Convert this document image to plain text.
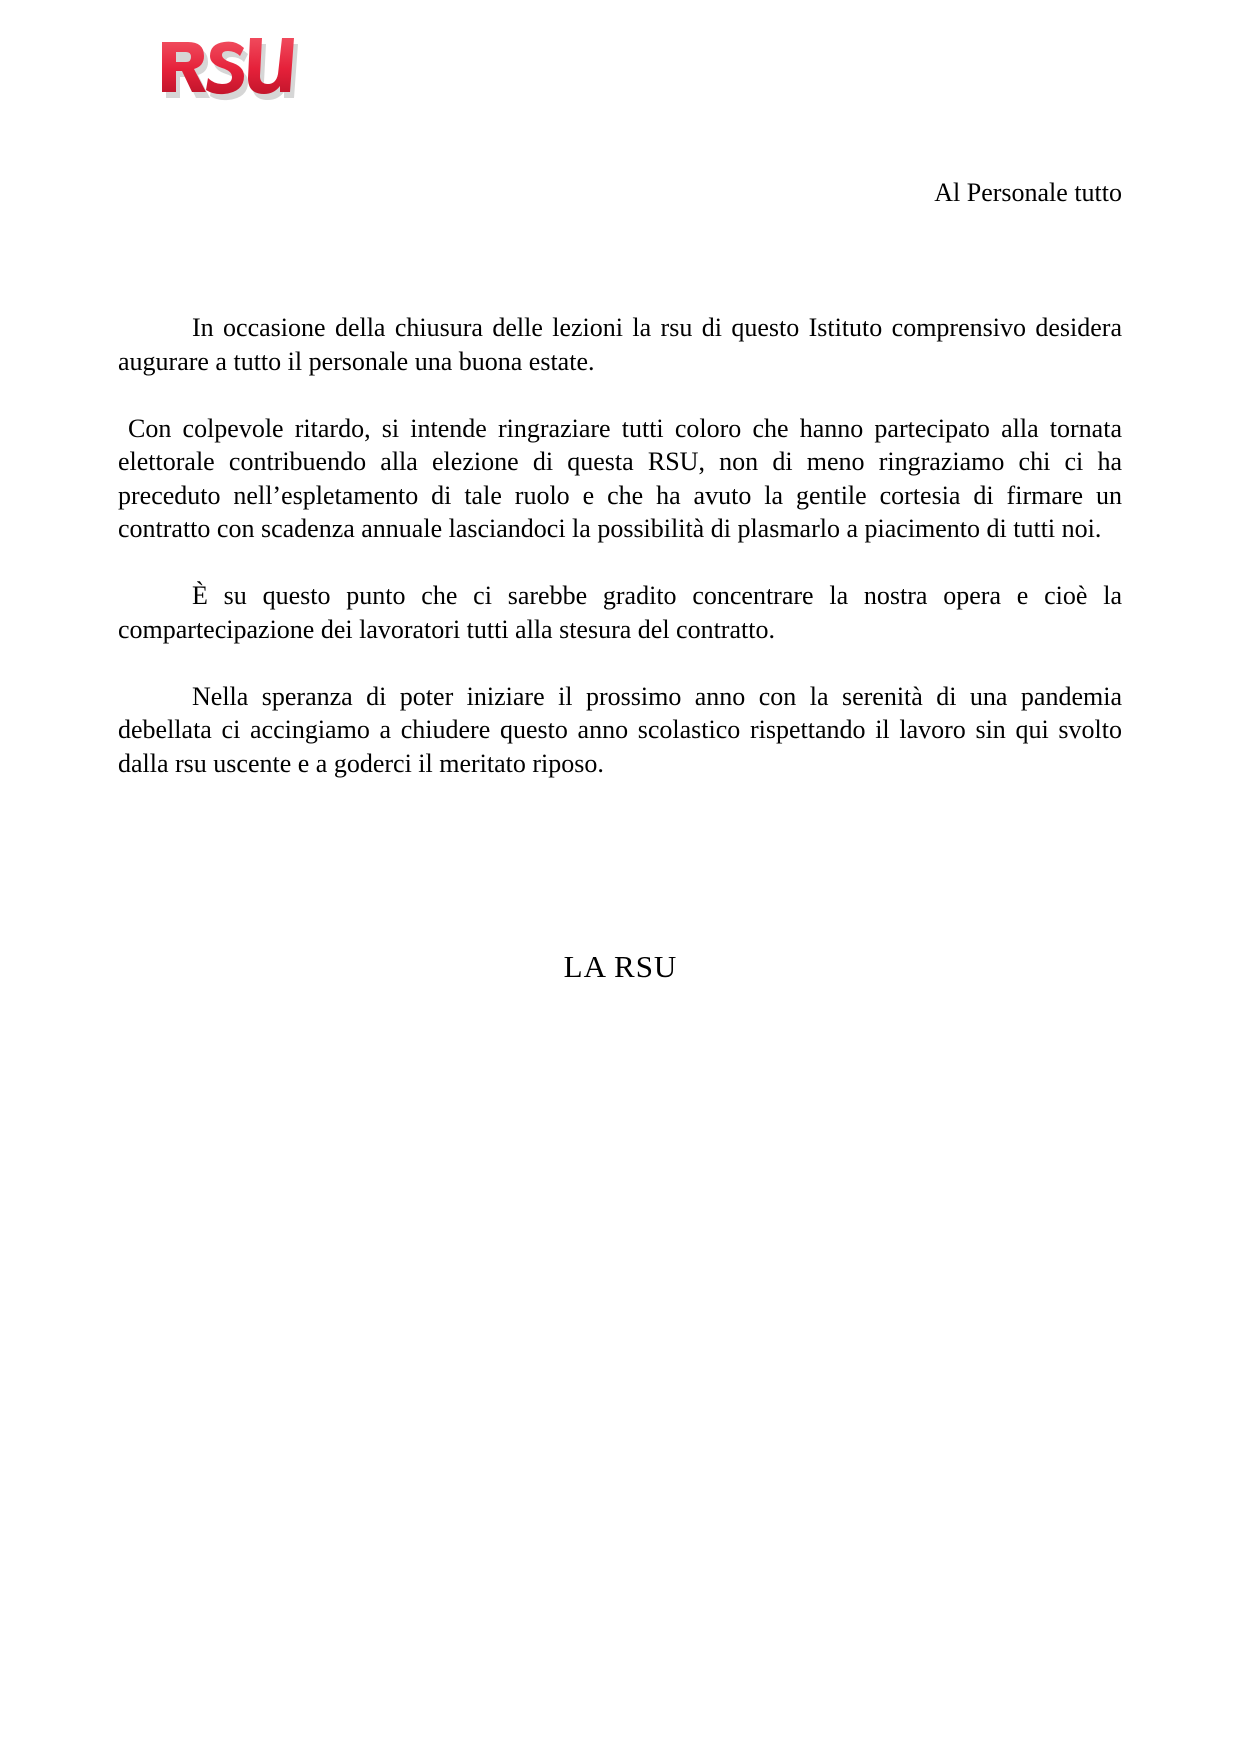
Al Personale tutto

In occasione della chiusura delle lezioni la rsu di questo Istituto comprensivo desidera augurare a tutto il personale una buona estate.

Con colpevole ritardo, si intende ringraziare tutti coloro che hanno partecipato alla tornata elettorale contribuendo alla elezione di questa RSU, non di meno ringraziamo chi ci ha preceduto nell’espletamento di tale ruolo e che ha avuto la gentile cortesia di firmare un contratto con scadenza annuale lasciandoci la possibilità di plasmarlo a piacimento di tutti noi.

È su questo punto che ci sarebbe gradito concentrare la nostra opera e cioè la compartecipazione dei lavoratori tutti alla stesura del contratto.

Nella speranza di poter iniziare il prossimo anno con la serenità di una pandemia debellata ci accingiamo a chiudere questo anno scolastico rispettando il lavoro sin qui svolto dalla rsu uscente e a goderci il meritato riposo.

LA RSU
